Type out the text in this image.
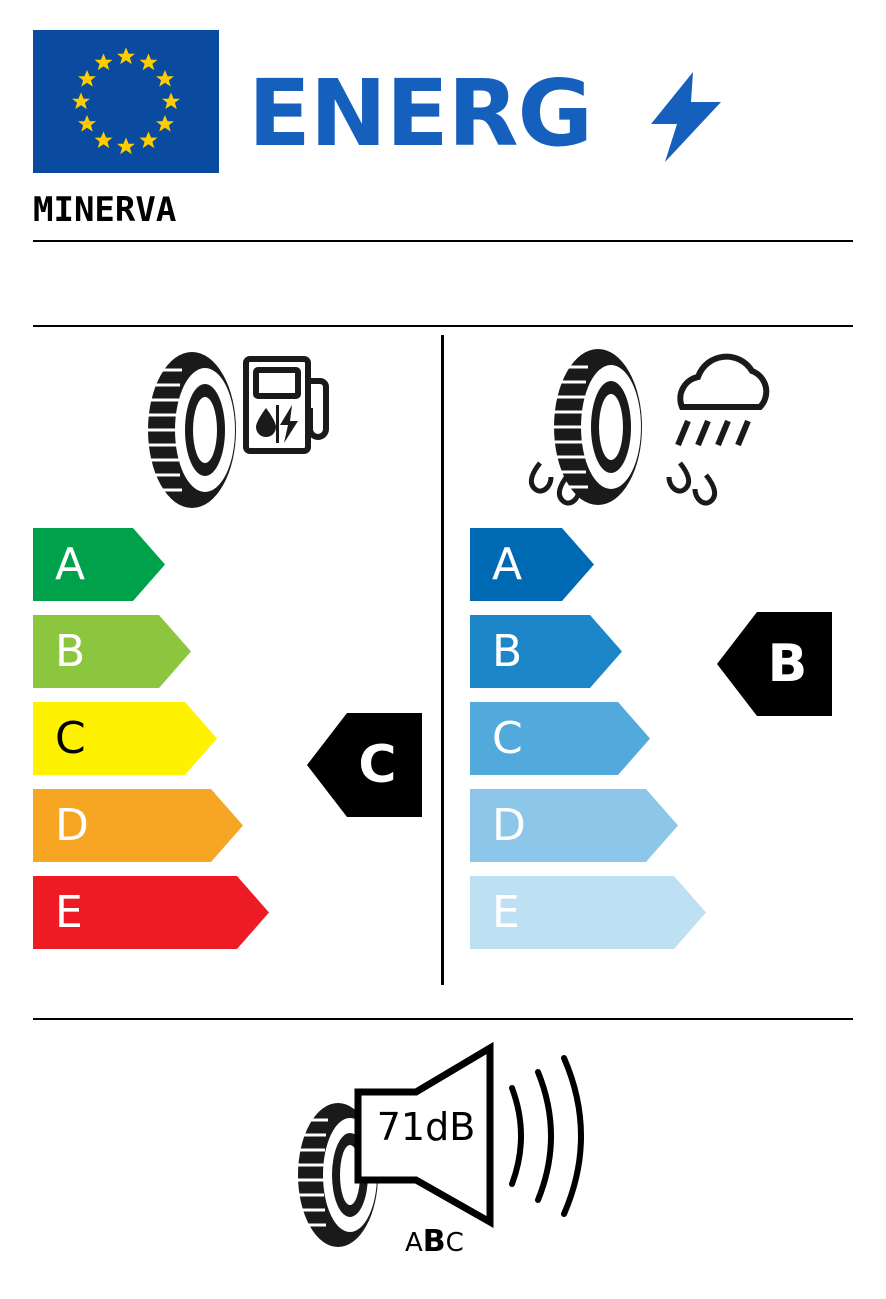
ENERG
MINERVA
A
B
C
D
E
A
B
C
D
E
C
B
71dB
ABC
